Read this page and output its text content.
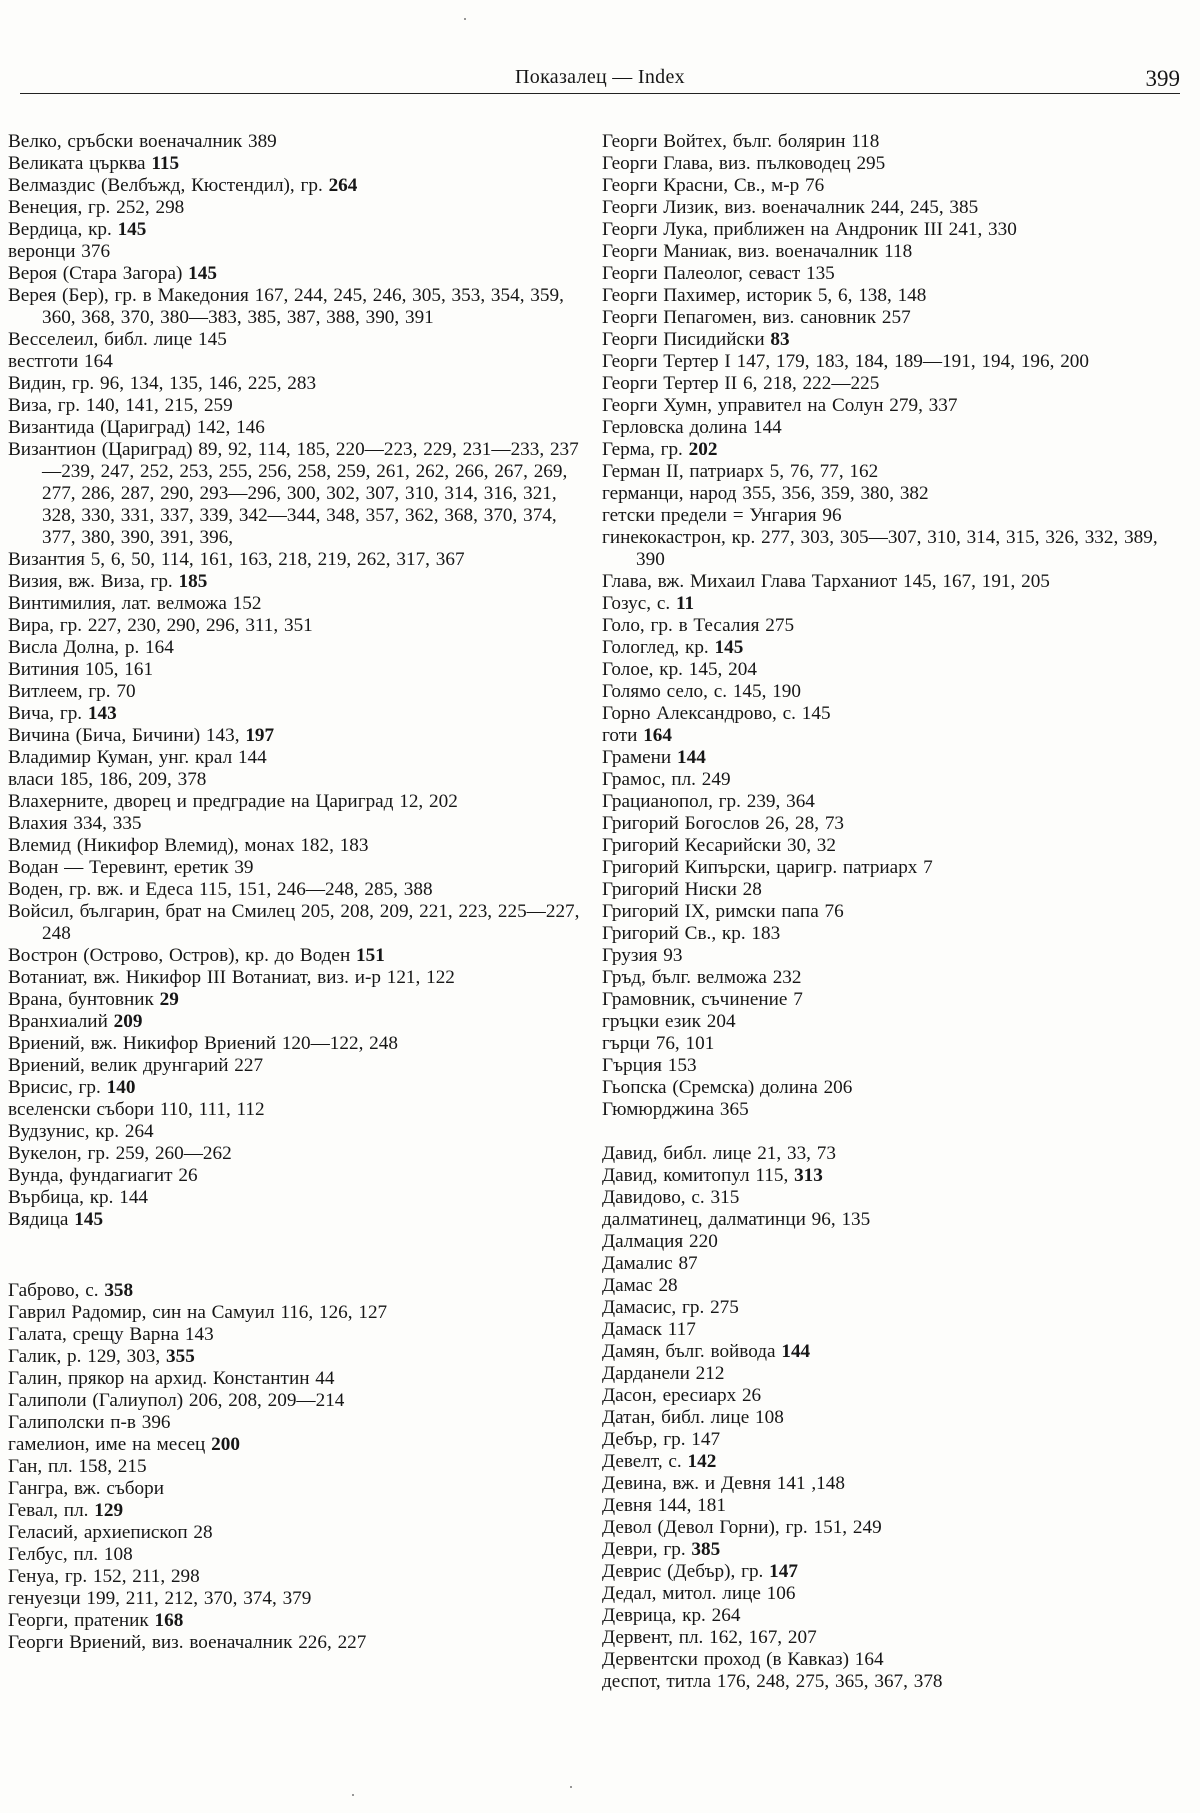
Показалец — Index	399

Велко, сръбски военачалник 389

Великата църква 115

Велмаздис (Велбъжд, Кюстендил), гр. 264

Венеция, гр. 252, 298

Вердица, кр. 145

веронци 376

Вероя (Стара Загора) 145

Верея (Бер), гр. в Македония 167, 244, 245, 246, 305, 353, 354, 359, 360, 368, 370, 380—383, 385, 387, 388, 390, 391

Весселеил, библ. лице 145

вестготи 164

Видин, гр. 96, 134, 135, 146, 225, 283

Виза, гр. 140, 141, 215, 259

Византида (Цариград) 142, 146

Византион (Цариград) 89, 92, 114, 185, 220—223, 229, 231—233, 237—239, 247, 252, 253, 255, 256, 258, 259, 261, 262, 266, 267, 269, 277, 286, 287, 290, 293—296, 300, 302, 307, 310, 314, 316, 321, 328, 330, 331, 337, 339, 342—344, 348, 357, 362, 368, 370, 374, 377, 380, 390, 391, 396,

Византия 5, 6, 50, 114, 161, 163, 218, 219, 262, 317, 367

Визия, вж. Виза, гр. 185

Винтимилия, лат. велможа 152

Вира, гр. 227, 230, 290, 296, 311, 351

Висла Долна, р. 164

Витиния 105, 161

Витлеем, гр. 70

Вича, гр. 143

Вичина (Бича, Бичини) 143, 197

Владимир Куман, унг. крал 144

власи 185, 186, 209, 378

Влахерните, дворец и предградие на Цариград 12, 202

Влахия 334, 335

Влемид (Никифор Влемид), монах 182, 183

Водан — Теревинт, еретик 39

Воден, гр. вж. и Едеса 115, 151, 246—248, 285, 388

Войсил, българин, брат на Смилец 205, 208, 209, 221, 223, 225—227, 248

Вострон (Острово, Остров), кр. до Воден 151

Вотаниат, вж. Никифор III Вотаниат, виз. и-р 121, 122

Врана, бунтовник 29

Вранхиалий 209

Вриений, вж. Никифор Вриений 120—122, 248

Вриений, велик друнгарий 227

Врисис, гр. 140

вселенски събори 110, 111, 112

Вудзунис, кр. 264

Вукелон, гр. 259, 260—262

Вунда, фундагиагит 26

Върбица, кр. 144

Вядица 145

Габрово, с. 358

Гаврил Радомир, син на Самуил 116, 126, 127

Галата, срещу Варна 143

Галик, р. 129, 303, 355

Галин, прякор на архид. Константин 44

Галиполи (Галиупол) 206, 208, 209—214

Галиполски п-в 396

гамелион, име на месец 200

Ган, пл. 158, 215

Гангра, вж. събори

Гевал, пл. 129

Геласий, архиепископ 28

Гелбус, пл. 108

Генуа, гр. 152, 211, 298

генуезци 199, 211, 212, 370, 374, 379

Георги, пратеник 168

Георги Вриений, виз. военачалник 226, 227

Георги Войтех, бълг. болярин 118

Георги Глава, виз. пълководец 295

Георги Красни, Св., м-р 76

Георги Лизик, виз. военачалник 244, 245, 385

Георги Лука, приближен на Андроник III 241, 330

Георги Маниак, виз. военачалник 118

Георги Палеолог, севаст 135

Георги Пахимер, историк 5, 6, 138, 148

Георги Пепагомен, виз. сановник 257

Георги Писидийски 83

Георги Тертер I 147, 179, 183, 184, 189—191, 194, 196, 200

Георги Тертер II 6, 218, 222—225

Георги Хумн, управител на Солун 279, 337

Герловска долина 144

Герма, гр. 202

Герман II, патриарх 5, 76, 77, 162

германци, народ 355, 356, 359, 380, 382

гетски предели = Унгария 96

гинекокастрон, кр. 277, 303, 305—307, 310, 314, 315, 326, 332, 389, 390

Глава, вж. Михаил Глава Тарханиот 145, 167, 191, 205

Гозус, с. 11

Голо, гр. в Тесалия 275

Гологлед, кр. 145

Голое, кр. 145, 204

Голямо село, с. 145, 190

Горно Александрово, с. 145

готи 164

Грамени 144

Грамос, пл. 249

Грацианопол, гр. 239, 364

Григорий Богослов 26, 28, 73

Григорий Кесарийски 30, 32

Григорий Кипърски, царигр. патриарх 7

Григорий Ниски 28

Григорий IX, римски папа 76

Григорий Св., кр. 183

Грузия 93

Гръд, бълг. велможа 232

Грамовник, съчинение 7

гръцки език 204

гърци 76, 101

Гърция 153

Гьопска (Сремска) долина 206

Гюмюрджина 365

Давид, библ. лице 21, 33, 73

Давид, комитопул 115, 313

Давидово, с. 315

далматинец, далматинци 96, 135

Далмация 220

Дамалис 87

Дамас 28

Дамасис, гр. 275

Дамаск 117

Дамян, бълг. войвода 144

Дарданели 212

Дасон, ересиарх 26

Датан, библ. лице 108

Дебър, гр. 147

Девелт, с. 142

Девина, вж. и Девня 141 ,148

Девня 144, 181

Девол (Девол Горни), гр. 151, 249

Деври, гр. 385

Деврис (Дебър), гр. 147

Дедал, митол. лице 106

Деврица, кр. 264

Дервент, пл. 162, 167, 207

Дервентски проход (в Кавказ) 164

деспот, титла 176, 248, 275, 365, 367, 378
